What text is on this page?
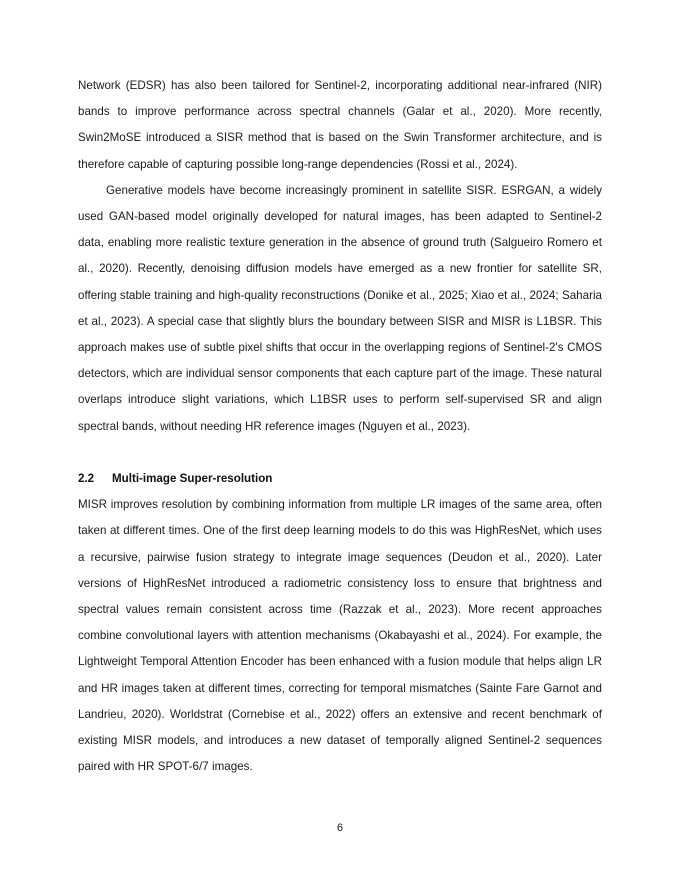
Network (EDSR) has also been tailored for Sentinel-2, incorporating additional near-infrared (NIR) bands to improve performance across spectral channels (Galar et al., 2020). More recently, Swin2MoSE introduced a SISR method that is based on the Swin Transformer architecture, and is therefore capable of capturing possible long-range dependencies (Rossi et al., 2024).

Generative models have become increasingly prominent in satellite SISR. ESRGAN, a widely used GAN-based model originally developed for natural images, has been adapted to Sentinel-2 data, enabling more realistic texture generation in the absence of ground truth (Salgueiro Romero et al., 2020). Recently, denoising diffusion models have emerged as a new frontier for satellite SR, offering stable training and high-quality reconstructions (Donike et al., 2025; Xiao et al., 2024; Saharia et al., 2023). A special case that slightly blurs the boundary between SISR and MISR is L1BSR. This approach makes use of subtle pixel shifts that occur in the overlapping regions of Sentinel-2's CMOS detectors, which are individual sensor components that each capture part of the image. These natural overlaps introduce slight variations, which L1BSR uses to perform self-supervised SR and align spectral bands, without needing HR reference images (Nguyen et al., 2023).

2.2 Multi-image Super-resolution

MISR improves resolution by combining information from multiple LR images of the same area, often taken at different times. One of the first deep learning models to do this was HighResNet, which uses a recursive, pairwise fusion strategy to integrate image sequences (Deudon et al., 2020). Later versions of HighResNet introduced a radiometric consistency loss to ensure that brightness and spectral values remain consistent across time (Razzak et al., 2023). More recent approaches combine convolutional layers with attention mechanisms (Okabayashi et al., 2024). For example, the Lightweight Temporal Attention Encoder has been enhanced with a fusion module that helps align LR and HR images taken at different times, correcting for temporal mismatches (Sainte Fare Garnot and Landrieu, 2020). Worldstrat (Cornebise et al., 2022) offers an extensive and recent benchmark of existing MISR models, and introduces a new dataset of temporally aligned Sentinel-2 sequences paired with HR SPOT-6/7 images.

6
